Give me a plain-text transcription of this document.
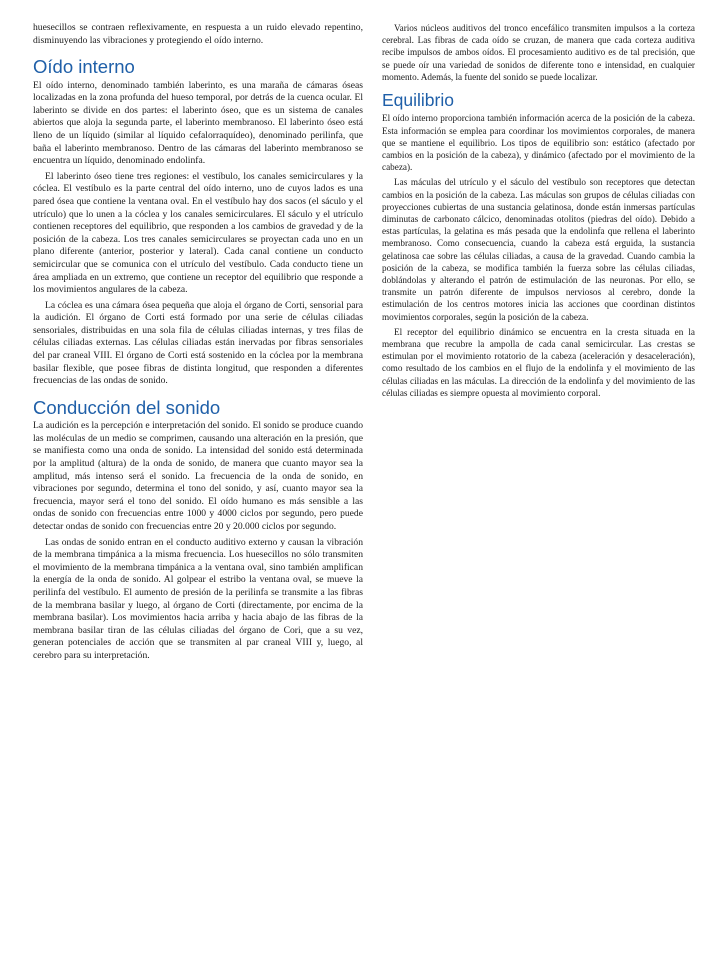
huesecillos se contraen reflexivamente, en respuesta a un ruido elevado repentino, disminuyendo las vibraciones y protegiendo el oído interno.

Oído interno

El oído interno, denominado también laberinto, es una maraña de cámaras óseas localizadas en la zona profunda del hueso temporal, por detrás de la cuenca ocular. El laberinto se divide en dos partes: el laberinto óseo, que es un sistema de canales abiertos que aloja la segunda parte, el laberinto membranoso. El laberinto óseo está lleno de un líquido (similar al líquido cefalorraquídeo), denominado perilinfa, que baña el laberinto membranoso. Dentro de las cámaras del laberinto membranoso se encuentra un líquido, denominado endolinfa.

El laberinto óseo tiene tres regiones: el vestíbulo, los canales semicirculares y la cóclea. El vestíbulo es la parte central del oído interno, uno de cuyos lados es una pared ósea que contiene la ventana oval. En el vestíbulo hay dos sacos (el sáculo y el utrículo) que lo unen a la cóclea y los canales semicirculares. El sáculo y el utrículo contienen receptores del equilibrio, que responden a los cambios de gravedad y de la posición de la cabeza. Los tres canales semicirculares se proyectan cada uno en un plano diferente (anterior, posterior y lateral). Cada canal contiene un conducto semicircular que se comunica con el utrículo del vestíbulo. Cada conducto tiene un área ampliada en un extremo, que contiene un receptor del equilibrio que responde a los movimientos angulares de la cabeza.

La cóclea es una cámara ósea pequeña que aloja el órgano de Corti, sensorial para la audición. El órgano de Corti está formado por una serie de células ciliadas sensoriales, distribuidas en una sola fila de células ciliadas internas, y tres filas de células ciliadas externas. Las células ciliadas están inervadas por fibras sensoriales del par craneal VIII. El órgano de Corti está sostenido en la cóclea por la membrana basilar flexible, que posee fibras de distinta longitud, que responden a diferentes frecuencias de las ondas de sonido.

Conducción del sonido

La audición es la percepción e interpretación del sonido. El sonido se produce cuando las moléculas de un medio se comprimen, causando una alteración en la presión, que se manifiesta como una onda de sonido. La intensidad del sonido está determinada por la amplitud (altura) de la onda de sonido, de manera que cuanto mayor sea la amplitud, más intenso será el sonido. La frecuencia de la onda de sonido, en vibraciones por segundo, determina el tono del sonido, y así, cuanto mayor sea la frecuencia, mayor será el tono del sonido. El oído humano es más sensible a las ondas de sonido con frecuencias entre 1000 y 4000 ciclos por segundo, pero puede detectar ondas de sonido con frecuencias entre 20 y 20.000 ciclos por segundo.

Las ondas de sonido entran en el conducto auditivo externo y causan la vibración de la membrana timpánica a la misma frecuencia. Los huesecillos no sólo transmiten el movimiento de la membrana timpánica a la ventana oval, sino también amplifican la energía de la onda de sonido. Al golpear el estribo la ventana oval, se mueve la perilinfa del vestíbulo. El aumento de presión de la perilinfa se transmite a las fibras de la membrana basilar y luego, al órgano de Corti (directamente, por encima de la membrana basilar). Los movimientos hacia arriba y hacia abajo de las fibras de la membrana basilar tiran de las células ciliadas del órgano de Cori, que a su vez, generan potenciales de acción que se transmiten al par craneal VIII y, luego, al cerebro para su interpretación.

Varios núcleos auditivos del tronco encefálico transmiten impulsos a la corteza cerebral. Las fibras de cada oído se cruzan, de manera que cada corteza auditiva recibe impulsos de ambos oídos. El procesamiento auditivo es de tal precisión, que se puede oír una variedad de sonidos de diferente tono e intensidad, en cualquier momento. Además, la fuente del sonido se puede localizar.

Equilibrio

El oído interno proporciona también información acerca de la posición de la cabeza. Esta información se emplea para coordinar los movimientos corporales, de manera que se mantiene el equilibrio. Los tipos de equilibrio son: estático (afectado por cambios en la posición de la cabeza), y dinámico (afectado por el movimiento de la cabeza).

Las máculas del utrículo y el sáculo del vestíbulo son receptores que detectan cambios en la posición de la cabeza. Las máculas son grupos de células ciliadas con proyecciones cubiertas de una sustancia gelatinosa, donde están inmersas partículas diminutas de carbonato cálcico, denominadas otolitos (piedras del oído). Debido a estas partículas, la gelatina es más pesada que la endolinfa que rellena el laberinto membranoso. Como consecuencia, cuando la cabeza está erguida, la sustancia gelatinosa cae sobre las células ciliadas, a causa de la gravedad. Cuando cambia la posición de la cabeza, se modifica también la fuerza sobre las células ciliadas, doblándolas y alterando el patrón de estimulación de las neuronas. Por ello, se transmite un patrón diferente de impulsos nerviosos al cerebro, donde la estimulación de los centros motores inicia las acciones que coordinan distintos movimientos corporales, según la posición de la cabeza.

El receptor del equilibrio dinámico se encuentra en la cresta situada en la membrana que recubre la ampolla de cada canal semicircular. Las crestas se estimulan por el movimiento rotatorio de la cabeza (aceleración y desaceleración), como resultado de los cambios en el flujo de la endolinfa y el movimiento de las células ciliadas en las máculas. La dirección de la endolinfa y del movimiento de las células ciliadas es siempre opuesta al movimiento corporal.
